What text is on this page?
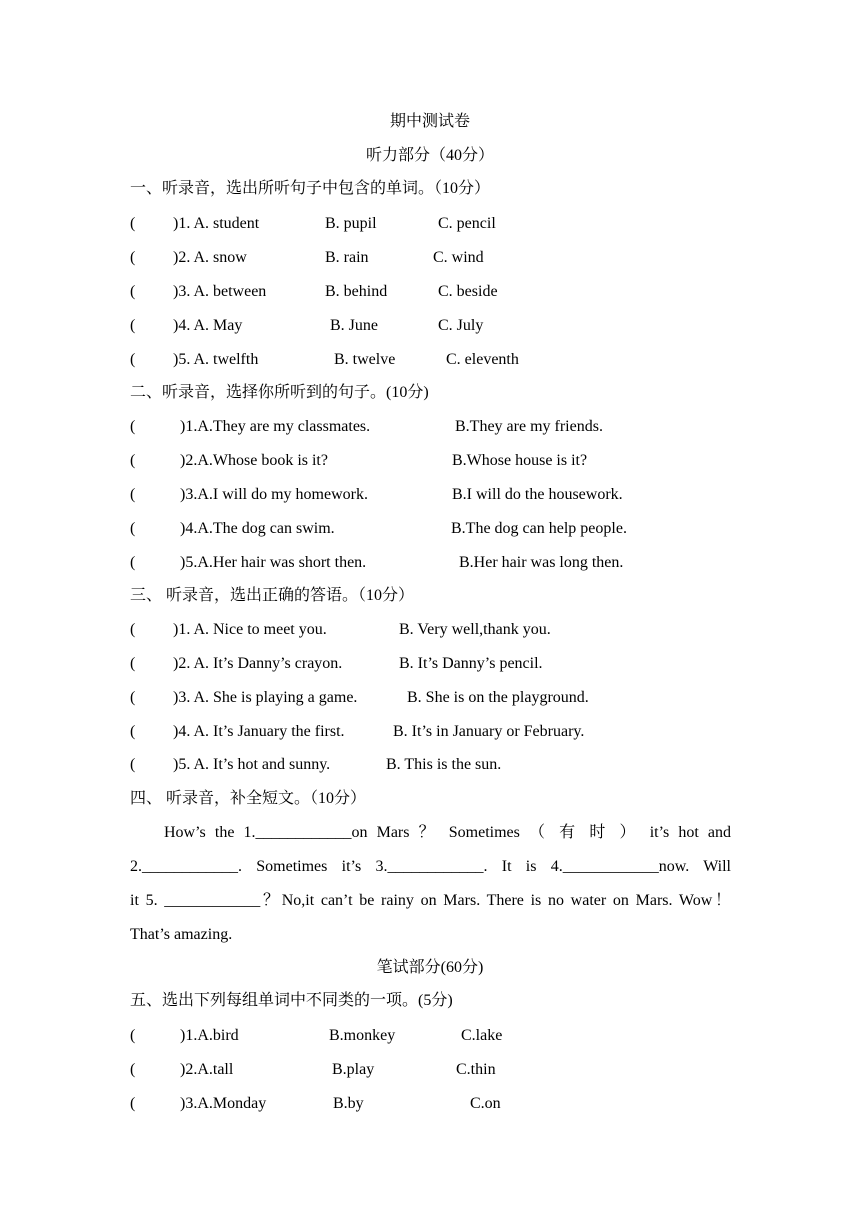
期中测试卷
听力部分（40分）
一、听录音，选出所听句子中包含的单词。（10分）
( )1. A. student	B. pupil	C. pencil
( )2. A. snow	B. rain	C. wind
( )3. A. between	B. behind	C. beside
( )4. A. May	B. June	C. July
( )5. A. twelfth	B. twelve	C. eleventh
二、听录音，选择你所听到的句子。(10分)
(	)1.A.They are my classmates.	B.They are my friends.
(	)2.A.Whose book is it?	B.Whose house is it?
(	)3.A.I will do my homework.	B.I will do the housework.
(	)4.A.The dog can swim.	B.The dog can help people.
(	)5.A.Her hair was short then.	B.Her hair was long then.
三、 听录音，选出正确的答语。（10分）
( )1. A. Nice to meet you.	B. Very well,thank you.
( )2. A. It’s Danny’s crayon.	B. It’s Danny’s pencil.
( )3. A. She is playing a game.	B. She is on the playground.
( )4. A. It’s January the first.	B. It’s in January or February.
( )5. A. It’s hot and sunny.	B. This is the sun.
四、 听录音，补全短文。（10分）
How’s the 1.____________on Mars ？ Sometimes （ 有 时 ） it’s hot and
2.____________. Sometimes it’s 3.____________. It is 4.____________now. Will
it 5. ____________？No,it can’t be rainy on Mars. There is no water on Mars. Wow！
That’s amazing.
笔试部分(60分)
五、选出下列每组单词中不同类的一项。(5分)
(	)1.A.bird	B.monkey	C.lake
(	)2.A.tall	B.play	C.thin
(	)3.A.Monday	B.by	C.on
